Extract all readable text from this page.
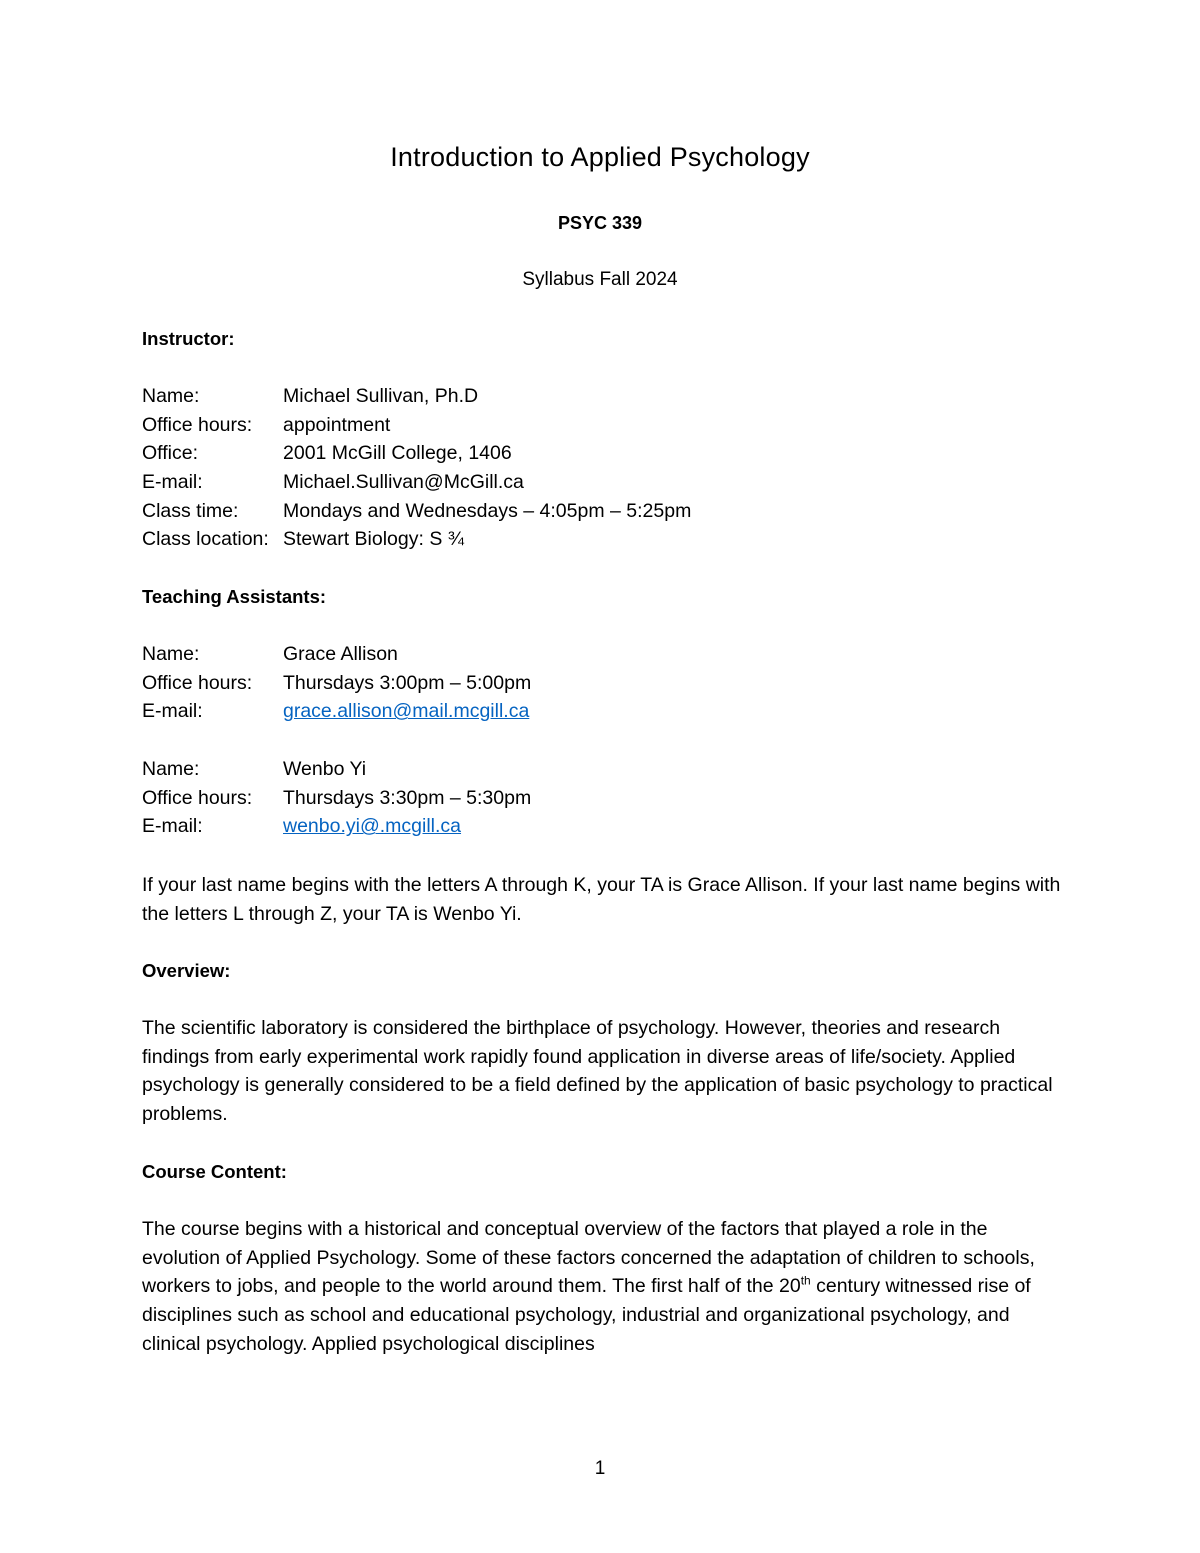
Introduction to Applied Psychology
PSYC 339
Syllabus Fall 2024
Instructor:
Name:	Michael Sullivan, Ph.D
Office hours:	appointment
Office:	2001 McGill College, 1406
E-mail:	Michael.Sullivan@McGill.ca
Class time:	Mondays and Wednesdays – 4:05pm – 5:25pm
Class location: Stewart Biology: S ¾
Teaching Assistants:
Name:	Grace Allison
Office hours:	Thursdays 3:00pm – 5:00pm
E-mail:	grace.allison@mail.mcgill.ca
Name:	Wenbo Yi
Office hours:	Thursdays 3:30pm – 5:30pm
E-mail:	wenbo.yi@.mcgill.ca

If your last name begins with the letters A through K, your TA is Grace Allison. If your last name begins with the letters L through Z, your TA is Wenbo Yi.

Overview:

The scientific laboratory is considered the birthplace of psychology. However, theories and research findings from early experimental work rapidly found application in diverse areas of life/society. Applied psychology is generally considered to be a field defined by the application of basic psychology to practical problems.

Course Content:

The course begins with a historical and conceptual overview of the factors that played a role in the evolution of Applied Psychology. Some of these factors concerned the adaptation of children to schools, workers to jobs, and people to the world around them. The first half of the 20th century witnessed rise of disciplines such as school and educational psychology, industrial and organizational psychology, and clinical psychology. Applied psychological disciplines

1
